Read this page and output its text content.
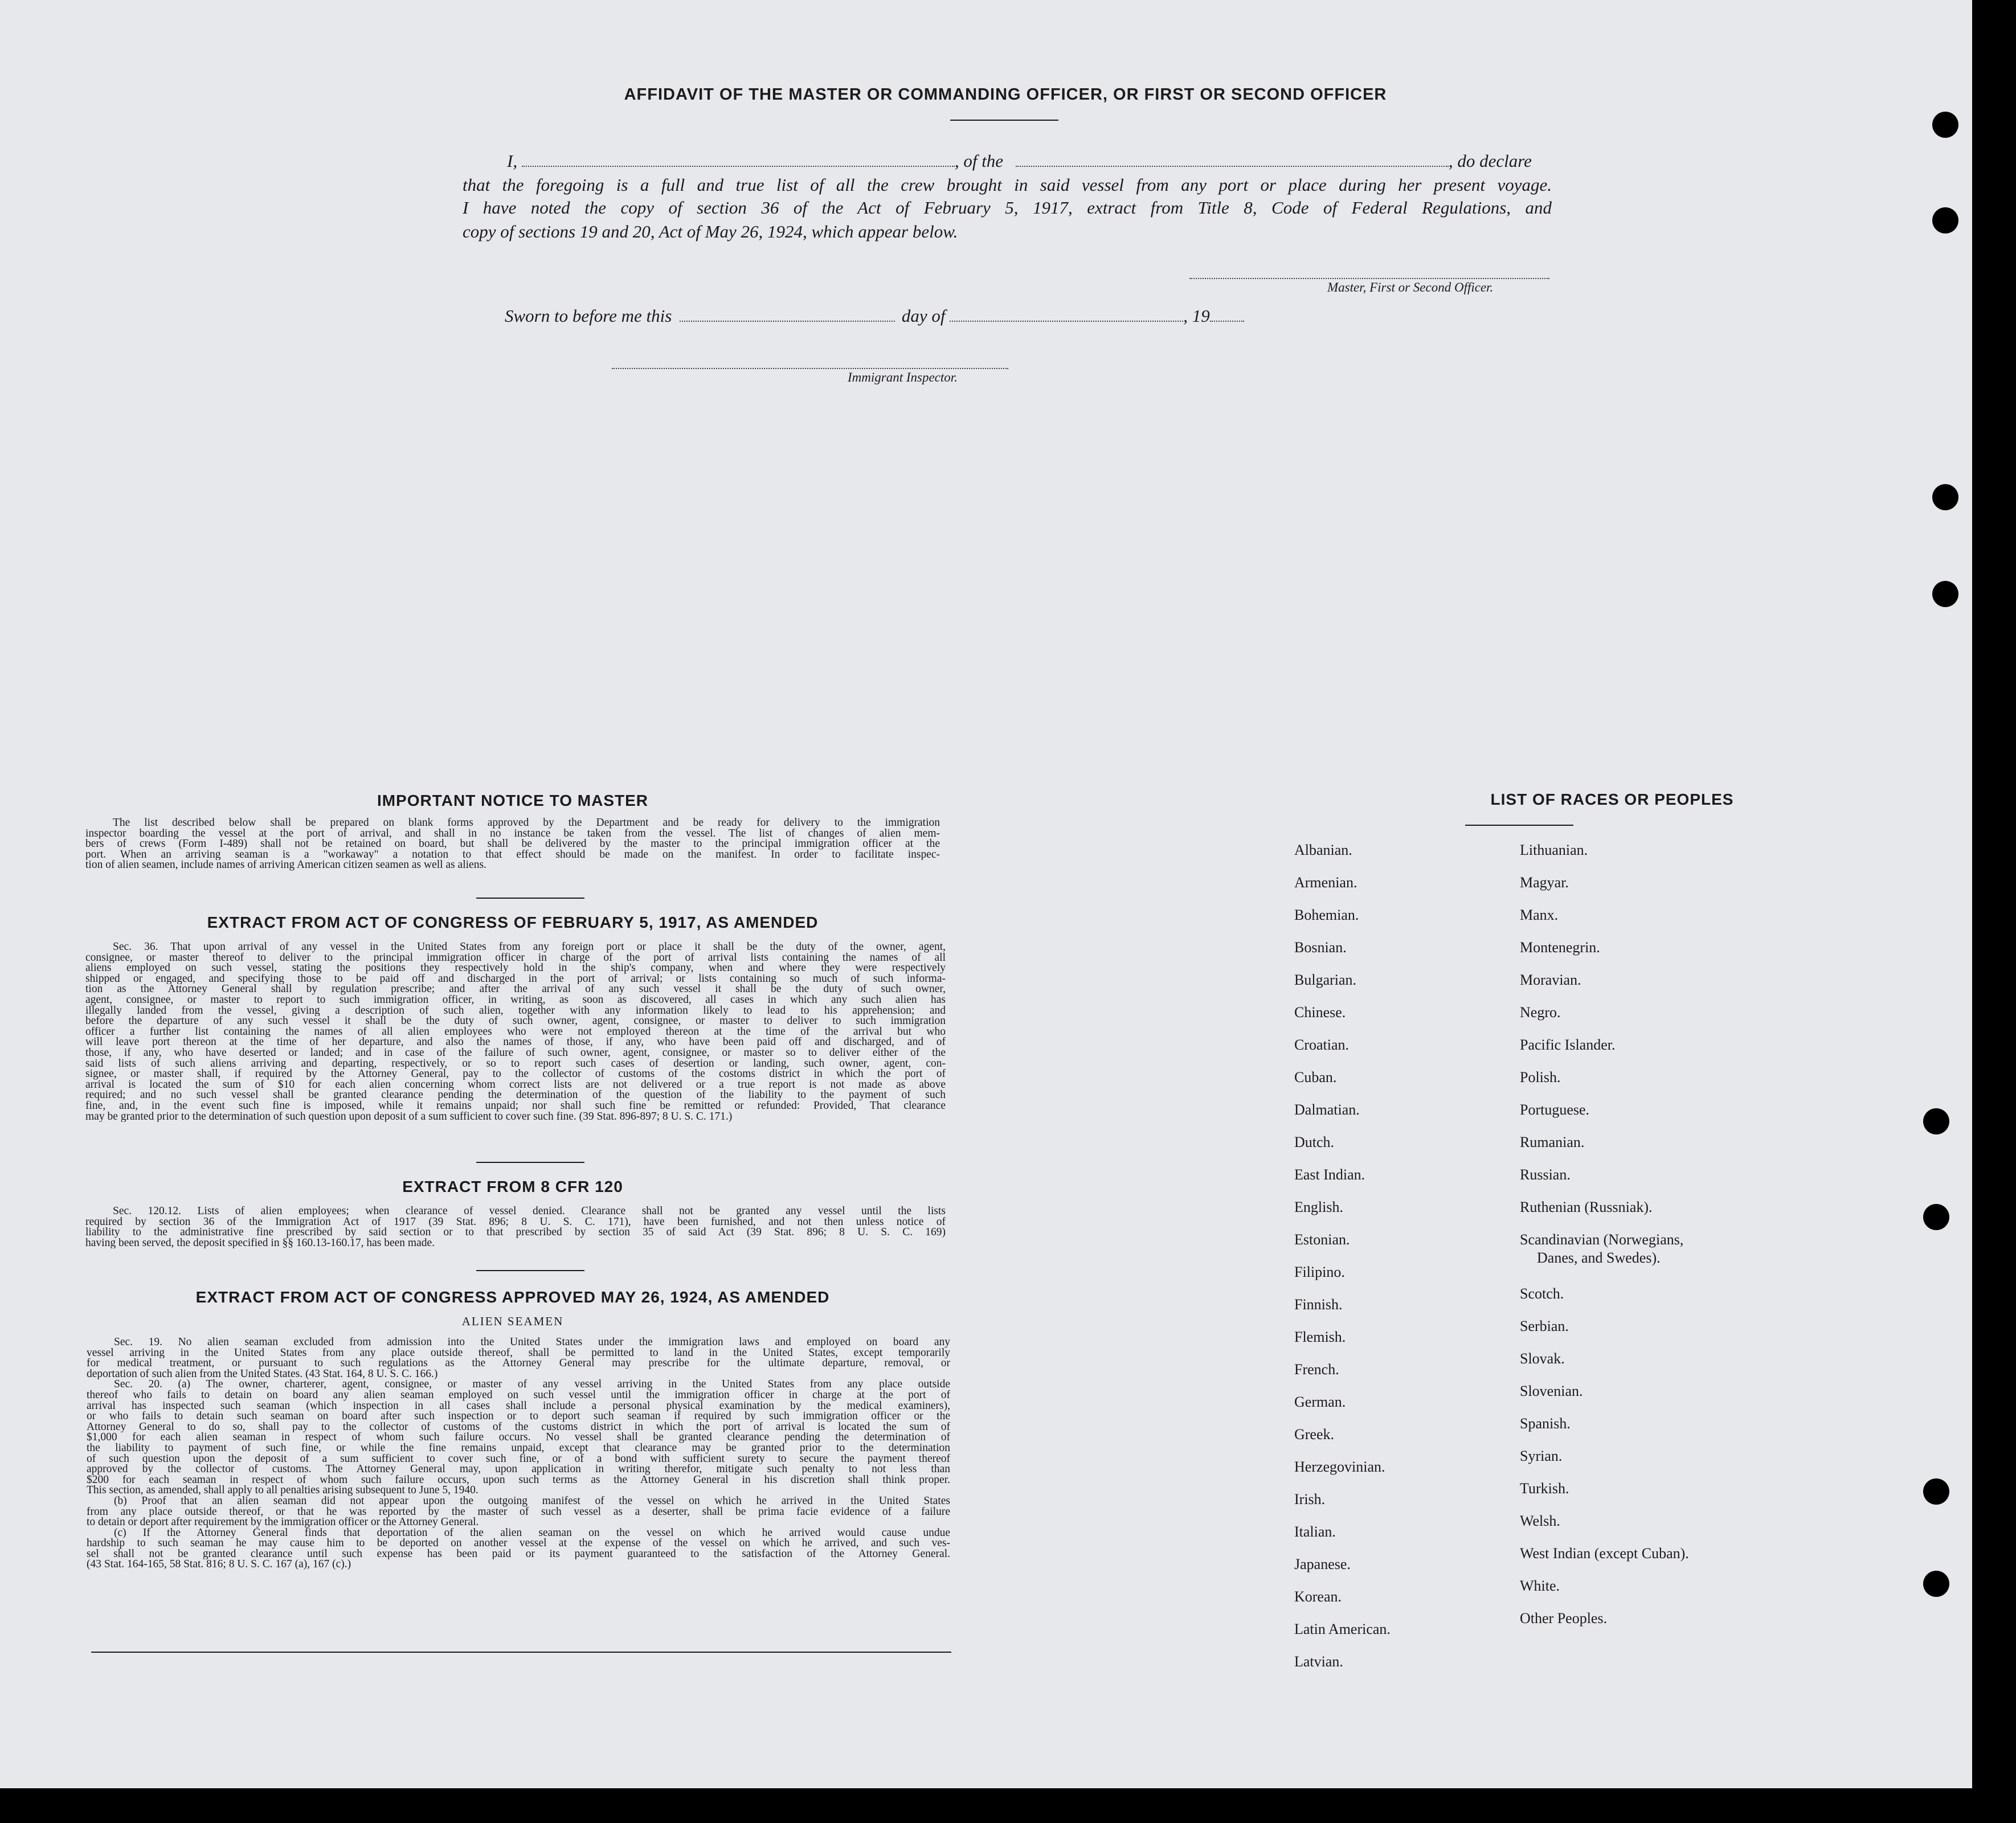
AFFIDAVIT OF THE MASTER OR COMMANDING OFFICER, OR FIRST OR SECOND OFFICER
I,	, of the	, do declare
that the foregoing is a full and true list of all the crew brought in said vessel from any port or place during her present voyage.
I have noted the copy of section 36 of the Act of February 5, 1917, extract from Title 8, Code of Federal Regulations, and
copy of sections 19 and 20, Act of May 26, 1924, which appear below.
Master, First or Second Officer.
Sworn to before me this	day of	, 19
Immigrant Inspector.
IMPORTANT NOTICE TO MASTER
The list described below shall be prepared on blank forms approved by the Department and be ready for delivery to the immigration
inspector boarding the vessel at the port of arrival, and shall in no instance be taken from the vessel. The list of changes of alien mem-
bers of crews (Form I-489) shall not be retained on board, but shall be delivered by the master to the principal immigration officer at the
port. When an arriving seaman is a "workaway" a notation to that effect should be made on the manifest. In order to facilitate inspec-
tion of alien seamen, include names of arriving American citizen seamen as well as aliens.
EXTRACT FROM ACT OF CONGRESS OF FEBRUARY 5, 1917, AS AMENDED
Sec. 36. That upon arrival of any vessel in the United States from any foreign port or place it shall be the duty of the owner, agent,
consignee, or master thereof to deliver to the principal immigration officer in charge of the port of arrival lists containing the names of all
aliens employed on such vessel, stating the positions they respectively hold in the ship's company, when and where they were respectively
shipped or engaged, and specifying those to be paid off and discharged in the port of arrival; or lists containing so much of such informa-
tion as the Attorney General shall by regulation prescribe; and after the arrival of any such vessel it shall be the duty of such owner,
agent, consignee, or master to report to such immigration officer, in writing, as soon as discovered, all cases in which any such alien has
illegally landed from the vessel, giving a description of such alien, together with any information likely to lead to his apprehension; and
before the departure of any such vessel it shall be the duty of such owner, agent, consignee, or master to deliver to such immigration
officer a further list containing the names of all alien employees who were not employed thereon at the time of the arrival but who
will leave port thereon at the time of her departure, and also the names of those, if any, who have been paid off and discharged, and of
those, if any, who have deserted or landed; and in case of the failure of such owner, agent, consignee, or master so to deliver either of the
said lists of such aliens arriving and departing, respectively, or so to report such cases of desertion or landing, such owner, agent, con-
signee, or master shall, if required by the Attorney General, pay to the collector of customs of the costoms district in which the port of
arrival is located the sum of $10 for each alien concerning whom correct lists are not delivered or a true report is not made as above
required; and no such vessel shall be granted clearance pending the determination of the question of the liability to the payment of such
fine, and, in the event such fine is imposed, while it remains unpaid; nor shall such fine be remitted or refunded: Provided, That clearance
may be granted prior to the determination of such question upon deposit of a sum sufficient to cover such fine. (39 Stat. 896-897; 8 U. S. C. 171.)
EXTRACT FROM 8 CFR 120
Sec. 120.12. Lists of alien employees; when clearance of vessel denied. Clearance shall not be granted any vessel until the lists
required by section 36 of the Immigration Act of 1917 (39 Stat. 896; 8 U. S. C. 171), have been furnished, and not then unless notice of
liability to the administrative fine prescribed by said section or to that prescribed by section 35 of said Act (39 Stat. 896; 8 U. S. C. 169)
having been served, the deposit specified in §§ 160.13-160.17, has been made.
EXTRACT FROM ACT OF CONGRESS APPROVED MAY 26, 1924, AS AMENDED
ALIEN SEAMEN
Sec. 19. No alien seaman excluded from admission into the United States under the immigration laws and employed on board any
vessel arriving in the United States from any place outside thereof, shall be permitted to land in the United States, except temporarily
for medical treatment, or pursuant to such regulations as the Attorney General may prescribe for the ultimate departure, removal, or
deportation of such alien from the United States. (43 Stat. 164, 8 U. S. C. 166.)
Sec. 20. (a) The owner, charterer, agent, consignee, or master of any vessel arriving in the United States from any place outside
thereof who fails to detain on board any alien seaman employed on such vessel until the immigration officer in charge at the port of
arrival has inspected such seaman (which inspection in all cases shall include a personal physical examination by the medical examiners),
or who fails to detain such seaman on board after such inspection or to deport such seaman if required by such immigration officer or the
Attorney General to do so, shall pay to the collector of customs of the customs district in which the port of arrival is located the sum of
$1,000 for each alien seaman in respect of whom such failure occurs. No vessel shall be granted clearance pending the determination of
the liability to payment of such fine, or while the fine remains unpaid, except that clearance may be granted prior to the determination
of such question upon the deposit of a sum sufficient to cover such fine, or of a bond with sufficient surety to secure the payment thereof
approved by the collector of customs. The Attorney General may, upon application in writing therefor, mitigate such penalty to not less than
$200 for each seaman in respect of whom such failure occurs, upon such terms as the Attorney General in his discretion shall think proper.
This section, as amended, shall apply to all penalties arising subsequent to June 5, 1940.
(b) Proof that an alien seaman did not appear upon the outgoing manifest of the vessel on which he arrived in the United States
from any place outside thereof, or that he was reported by the master of such vessel as a deserter, shall be prima facie evidence of a failure
to detain or deport after requirement by the immigration officer or the Attorney General.
(c) If the Attorney General finds that deportation of the alien seaman on the vessel on which he arrived would cause undue
hardship to such seaman he may cause him to be deported on another vessel at the expense of the vessel on which he arrived, and such ves-
sel shall not be granted clearance until such expense has been paid or its payment guaranteed to the satisfaction of the Attorney General.
(43 Stat. 164-165, 58 Stat. 816; 8 U. S. C. 167 (a), 167 (c).)
LIST OF RACES OR PEOPLES
Albanian.
Armenian.
Bohemian.
Bosnian.
Bulgarian.
Chinese.
Croatian.
Cuban.
Dalmatian.
Dutch.
East Indian.
English.
Estonian.
Filipino.
Finnish.
Flemish.
French.
German.
Greek.
Herzegovinian.
Irish.
Italian.
Japanese.
Korean.
Latin American.
Latvian.
Lithuanian.
Magyar.
Manx.
Montenegrin.
Moravian.
Negro.
Pacific Islander.
Polish.
Portuguese.
Rumanian.
Russian.
Ruthenian (Russniak).
Scandinavian (Norwegians,
Danes, and Swedes).
Scotch.
Serbian.
Slovak.
Slovenian.
Spanish.
Syrian.
Turkish.
Welsh.
West Indian (except Cuban).
White.
Other Peoples.
